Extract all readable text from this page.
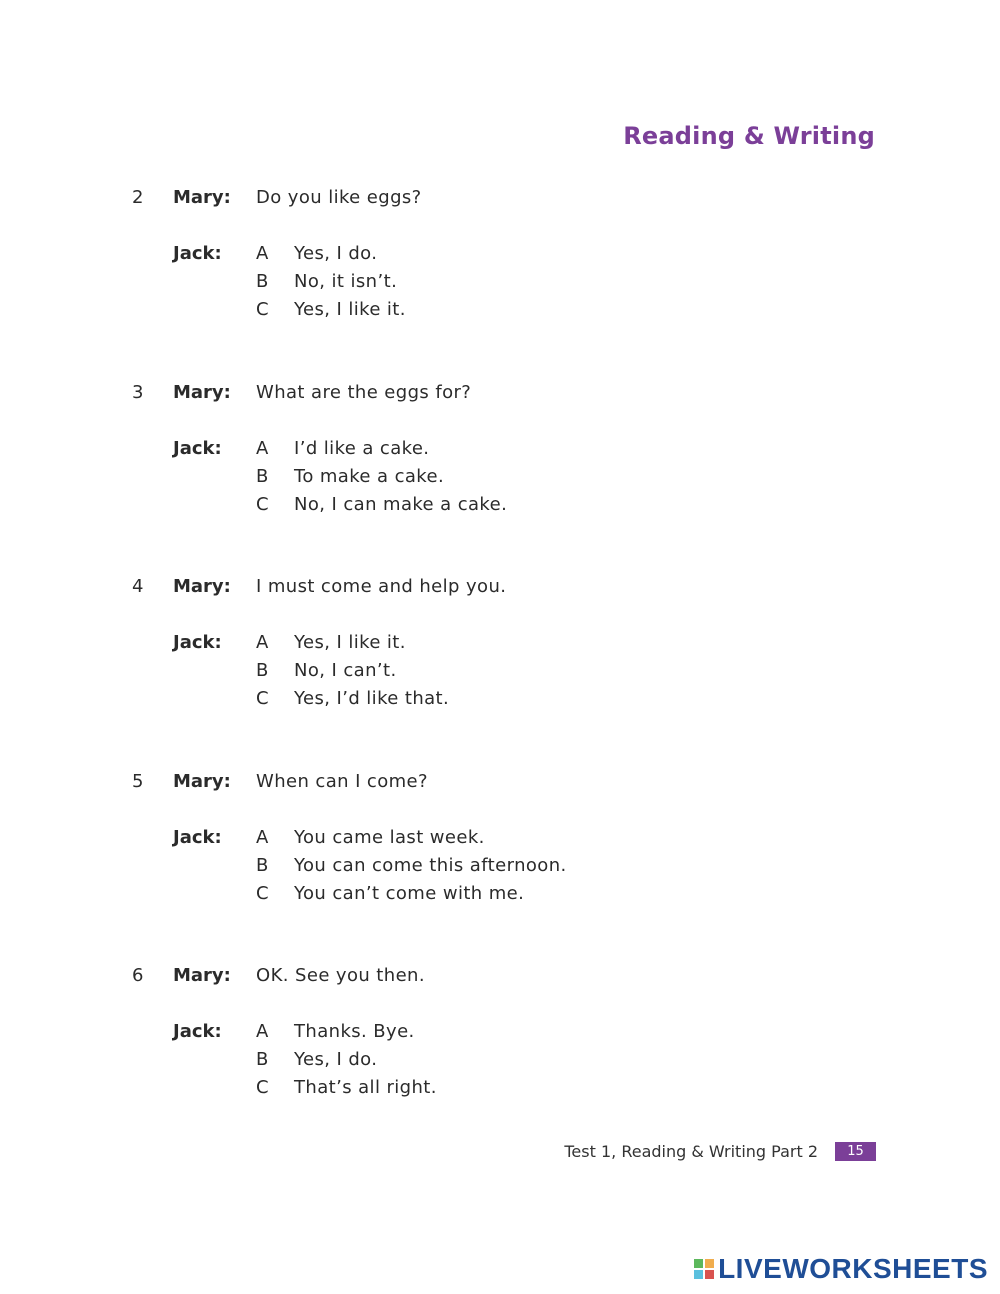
Reading & Writing
2 Mary: Do you like eggs?
Jack: A Yes, I do.
B No, it isn’t.
C Yes, I like it.
3 Mary: What are the eggs for?
Jack: A I’d like a cake.
B To make a cake.
C No, I can make a cake.
4 Mary: I must come and help you.
Jack: A Yes, I like it.
B No, I can’t.
C Yes, I’d like that.
5 Mary: When can I come?
Jack: A You came last week.
B You can come this afternoon.
C You can’t come with me.
6 Mary: OK. See you then.
Jack: A Thanks. Bye.
B Yes, I do.
C That’s all right.
Test 1, Reading & Writing Part 2	15
LIVEWORKSHEETS
